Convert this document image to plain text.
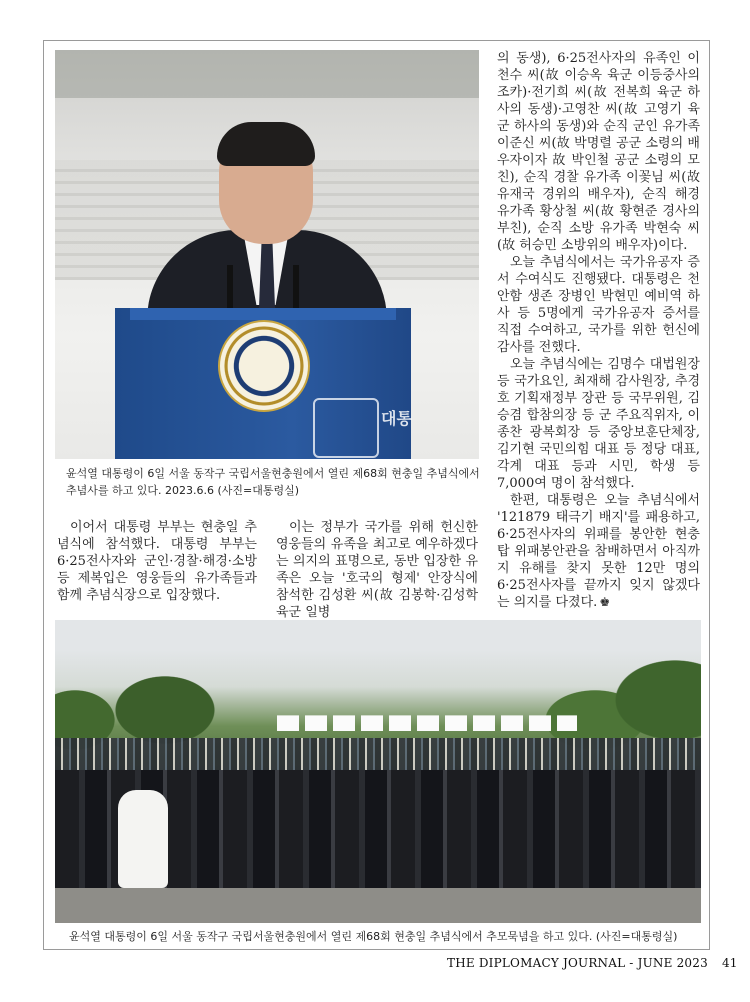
대통
윤석열 대통령이 6일 서울 동작구 국립서울현충원에서 열린 제68회 현충일 추념식에서 추념사를 하고 있다. 2023.6.6 (사진=대통령실)

이어서 대통령 부부는 현충일 추념식에 참석했다. 대통령 부부는 6·25전사자와 군인·경찰·해경·소방 등 제복입은 영웅들의 유가족들과 함께 추념식장으로 입장했다.

이는 정부가 국가를 위해 헌신한 영웅들의 유족을 최고로 예우하겠다는 의지의 표명으로, 동반 입장한 유족은 오늘 '호국의 형제' 안장식에 참석한 김성환 씨(故 김봉학·김성학 육군 일병

의 동생), 6·25전사자의 유족인 이천수 씨(故 이승옥 육군 이등중사의 조카)·전기희 씨(故 전복희 육군 하사의 동생)·고영찬 씨(故 고영기 육군 하사의 동생)와 순직 군인 유가족 이준신 씨(故 박명렬 공군 소령의 배우자이자 故 박인철 공군 소령의 모친), 순직 경찰 유가족 이꽃님 씨(故 유재국 경위의 배우자), 순직 해경 유가족 황상철 씨(故 황현준 경사의 부친), 순직 소방 유가족 박현숙 씨(故 허승민 소방위의 배우자)이다.

오늘 추념식에서는 국가유공자 증서 수여식도 진행됐다. 대통령은 천안함 생존 장병인 박현민 예비역 하사 등 5명에게 국가유공자 증서를 직접 수여하고, 국가를 위한 헌신에 감사를 전했다.

오늘 추념식에는 김명수 대법원장 등 국가요인, 최재해 감사원장, 추경호 기획재정부 장관 등 국무위원, 김승겸 합참의장 등 군 주요직위자, 이종찬 광복회장 등 중앙보훈단체장, 김기현 국민의힘 대표 등 정당 대표, 각계 대표 등과 시민, 학생 등 7,000여 명이 참석했다.

한편, 대통령은 오늘 추념식에서 '121879 태극기 배지'를 패용하고, 6·25전사자의 위패를 봉안한 현충탑 위패봉안관을 참배하면서 아직까지 유해를 찾지 못한 12만 명의 6·25전사자를 끝까지 잊지 않겠다는 의지를 다졌다. ♚

윤석열 대통령이 6일 서울 동작구 국립서울현충원에서 열린 제68회 현충일 추념식에서 추모묵념을 하고 있다. (사진=대통령실)
THE DIPLOMACY JOURNAL - JUNE 2023 41
